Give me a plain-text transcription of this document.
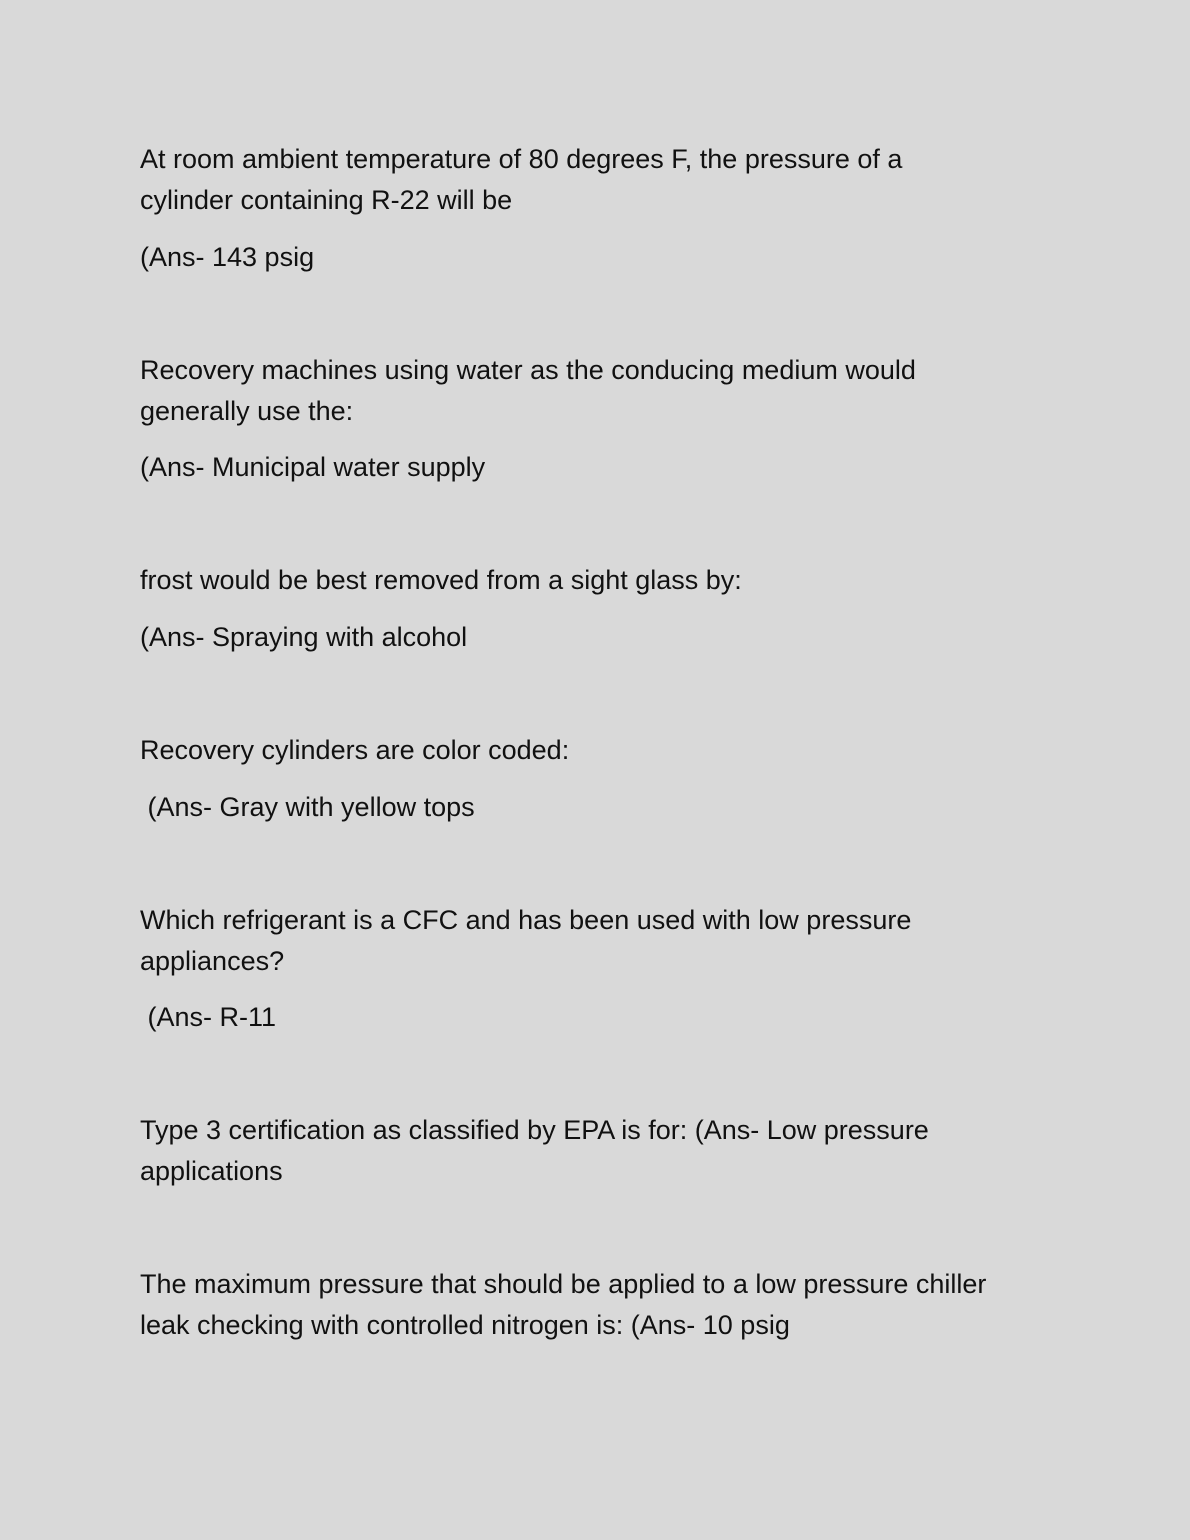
At room ambient temperature of 80 degrees F, the pressure of a
cylinder containing R-22 will be

(Ans- 143 psig

Recovery machines using water as the conducing medium would
generally use the:

(Ans- Municipal water supply

frost would be best removed from a sight glass by:

(Ans- Spraying with alcohol

Recovery cylinders are color coded:

(Ans- Gray with yellow tops

Which refrigerant is a CFC and has been used with low pressure
appliances?

(Ans- R-11

Type 3 certification as classified by EPA is for: (Ans- Low pressure
applications

The maximum pressure that should be applied to a low pressure chiller
leak checking with controlled nitrogen is: (Ans- 10 psig
